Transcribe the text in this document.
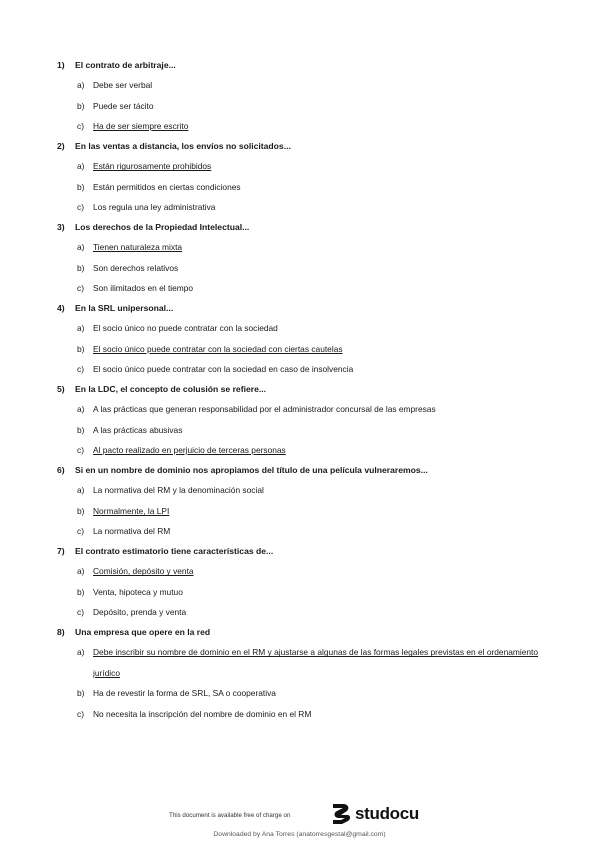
1) El contrato de arbitraje...
a) Debe ser verbal
b) Puede ser tácito
c) Ha de ser siempre escrito
2) En las ventas a distancia, los envíos no solicitados...
a) Están rigurosamente prohibidos
b) Están permitidos en ciertas condiciones
c) Los regula una ley administrativa
3) Los derechos de la Propiedad Intelectual...
a) Tienen naturaleza mixta
b) Son derechos relativos
c) Son ilimitados en el tiempo
4) En la SRL unipersonal...
a) El socio único no puede contratar con la sociedad
b) El socio único puede contratar con la sociedad con ciertas cautelas
c) El socio único puede contratar con la sociedad en caso de insolvencia
5) En la LDC, el concepto de colusión se refiere...
a) A las prácticas que generan responsabilidad por el administrador concursal de las empresas
b) A las prácticas abusivas
c) Al pacto realizado en perjuicio de terceras personas
6) Si en un nombre de dominio nos apropiamos del título de una película vulneraremos...
a) La normativa del RM y la denominación social
b) Normalmente, la LPI
c) La normativa del RM
7) El contrato estimatorio tiene características de...
a) Comisión, depósito y venta
b) Venta, hipoteca y mutuo
c) Depósito, prenda y venta
8) Una empresa que opere en la red
a)	Debe inscribir su nombre de dominio en el RM y ajustarse a algunas de las formas legales previstas en el ordenamiento jurídico
b) Ha de revestir la forma de SRL, SA o cooperativa
c) No necesita la inscripción del nombre de dominio en el RM
This document is available free of charge on	studocu
Downloaded by Ana Torres (anatorresgestal@gmail.com)
